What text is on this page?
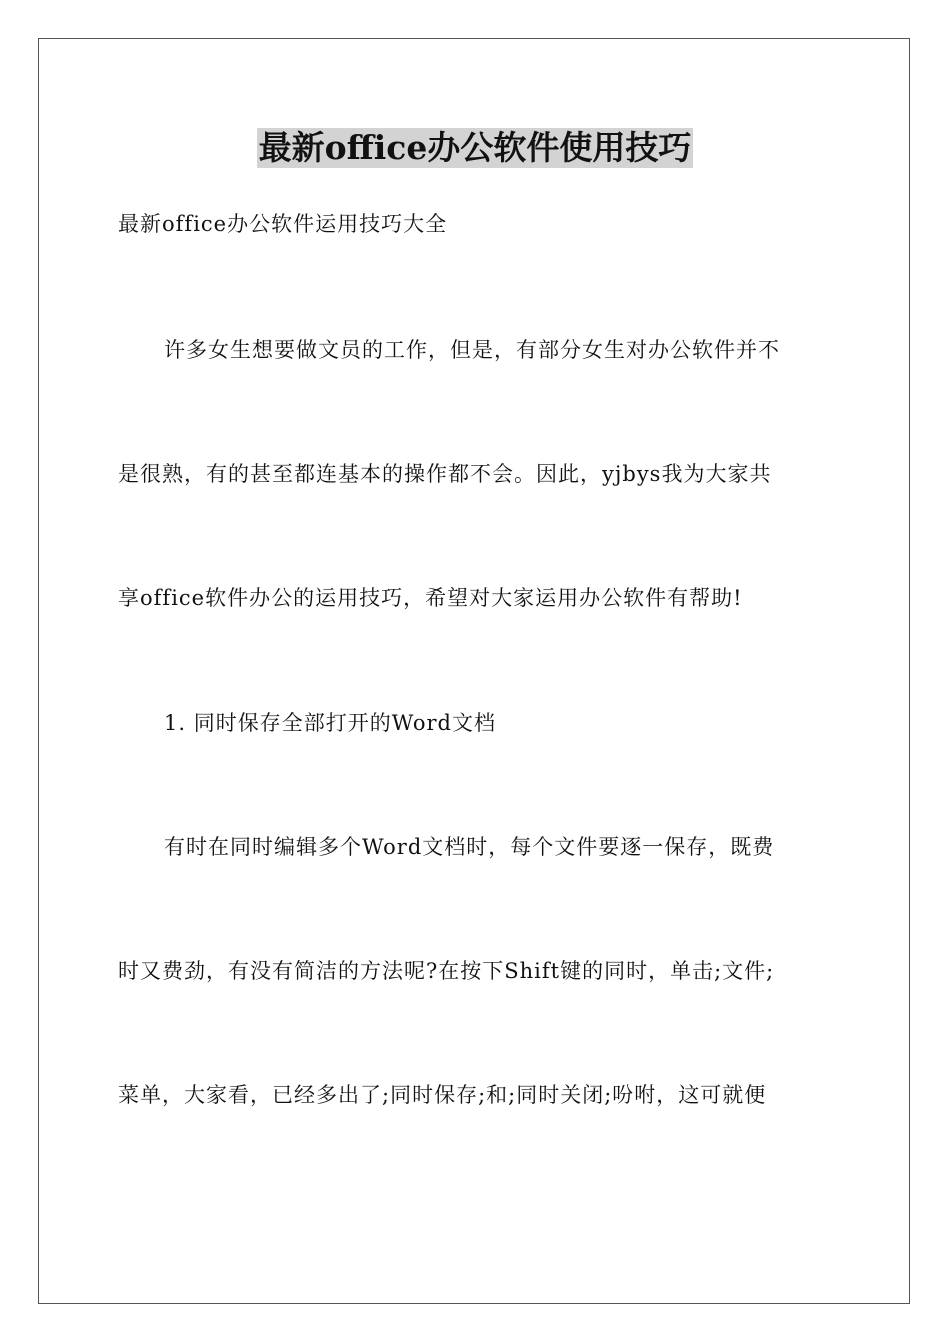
最新office办公软件使用技巧
最新office办公软件运用技巧大全
许多女生想要做文员的工作，但是，有部分女生对办公软件并不
是很熟，有的甚至都连基本的操作都不会。因此，yjbys我为大家共
享office软件办公的运用技巧，希望对大家运用办公软件有帮助!
1. 同时保存全部打开的Word文档
有时在同时编辑多个Word文档时，每个文件要逐一保存，既费
时又费劲，有没有简洁的方法呢?在按下Shift键的同时，单击;文件;
菜单，大家看，已经多出了;同时保存;和;同时关闭;吩咐，这可就便
